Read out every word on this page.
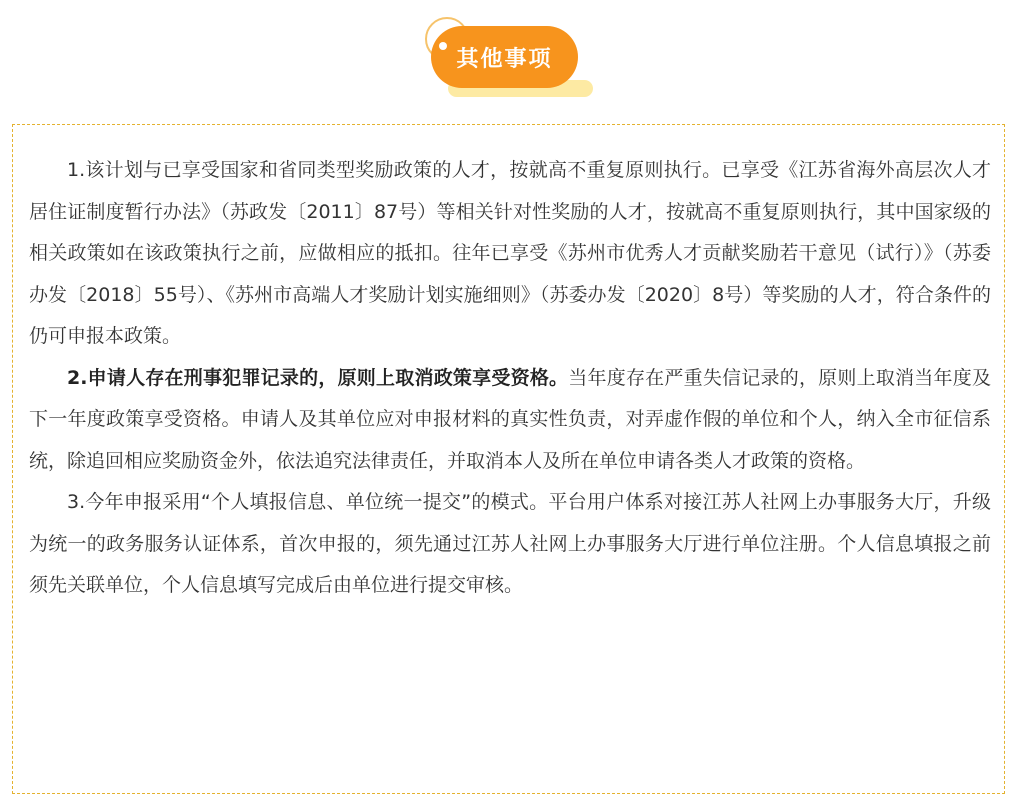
其他事项

1.该计划与已享受国家和省同类型奖励政策的人才，按就高不重复原则执行。已享受《江苏省海外高层次人才居住证制度暂行办法》（苏政发〔2011〕87号）等相关针对性奖励的人才，按就高不重复原则执行，其中国家级的相关政策如在该政策执行之前，应做相应的抵扣。往年已享受《苏州市优秀人才贡献奖励若干意见（试行）》（苏委办发〔2018〕55号）、《苏州市高端人才奖励计划实施细则》（苏委办发〔2020〕8号）等奖励的人才，符合条件的仍可申报本政策。

2.申请人存在刑事犯罪记录的，原则上取消政策享受资格。当年度存在严重失信记录的，原则上取消当年度及下一年度政策享受资格。申请人及其单位应对申报材料的真实性负责，对弄虚作假的单位和个人，纳入全市征信系统，除追回相应奖励资金外，依法追究法律责任，并取消本人及所在单位申请各类人才政策的资格。

3.今年申报采用“个人填报信息、单位统一提交”的模式。平台用户体系对接江苏人社网上办事服务大厅，升级为统一的政务服务认证体系，首次申报的，须先通过江苏人社网上办事服务大厅进行单位注册。个人信息填报之前须先关联单位，个人信息填写完成后由单位进行提交审核。
